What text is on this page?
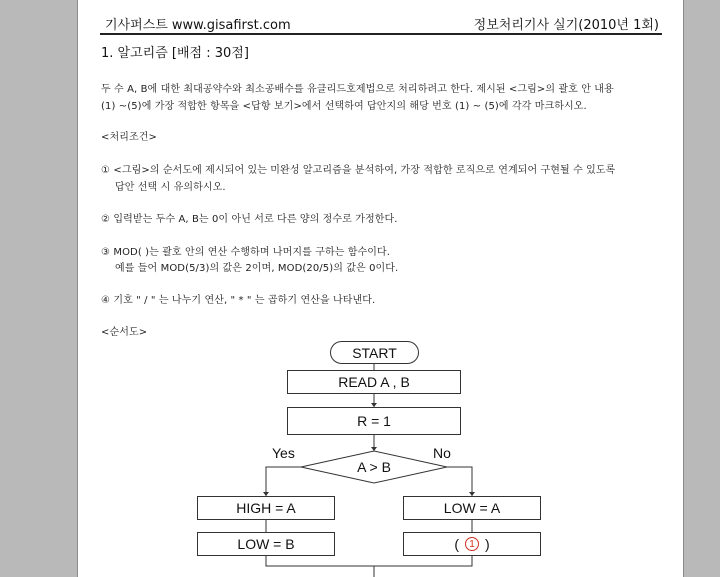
기사퍼스트 www.gisafirst.com	정보처리기사 실기(2010년 1회)
1. 알고리즘 [배점 : 30점]
두 수 A, B에 대한 최대공약수와 최소공배수를 유클리드호제법으로 처리하려고 한다. 제시된 <그림>의 괄호 안 내용
(1) ~(5)에 가장 적합한 항목을 <답항 보기>에서 선택하여 답안지의 해당 번호 (1) ~ (5)에 각각 마크하시오.
<처리조건>
① <그림>의 순서도에 제시되어 있는 미완성 알고리즘을 분석하여, 가장 적합한 로직으로 연계되어 구현될 수 있도록
답안 선택 시 유의하시오.
② 입력받는 두수 A, B는 0이 아닌 서로 다른 양의 정수로 가정한다.
③ MOD( )는 괄호 안의 연산 수행하며 나머지를 구하는 함수이다.
예를 들어 MOD(5/3)의 값은 2이며, MOD(20/5)의 값은 0이다.
④ 기호 " / " 는 나누기 연산, " * " 는 곱하기 연산을 나타낸다.
<순서도>
START
READ A , B
R = 1
A > B
Yes	No
HIGH = A
LOW = B
LOW = A
(	1 )
